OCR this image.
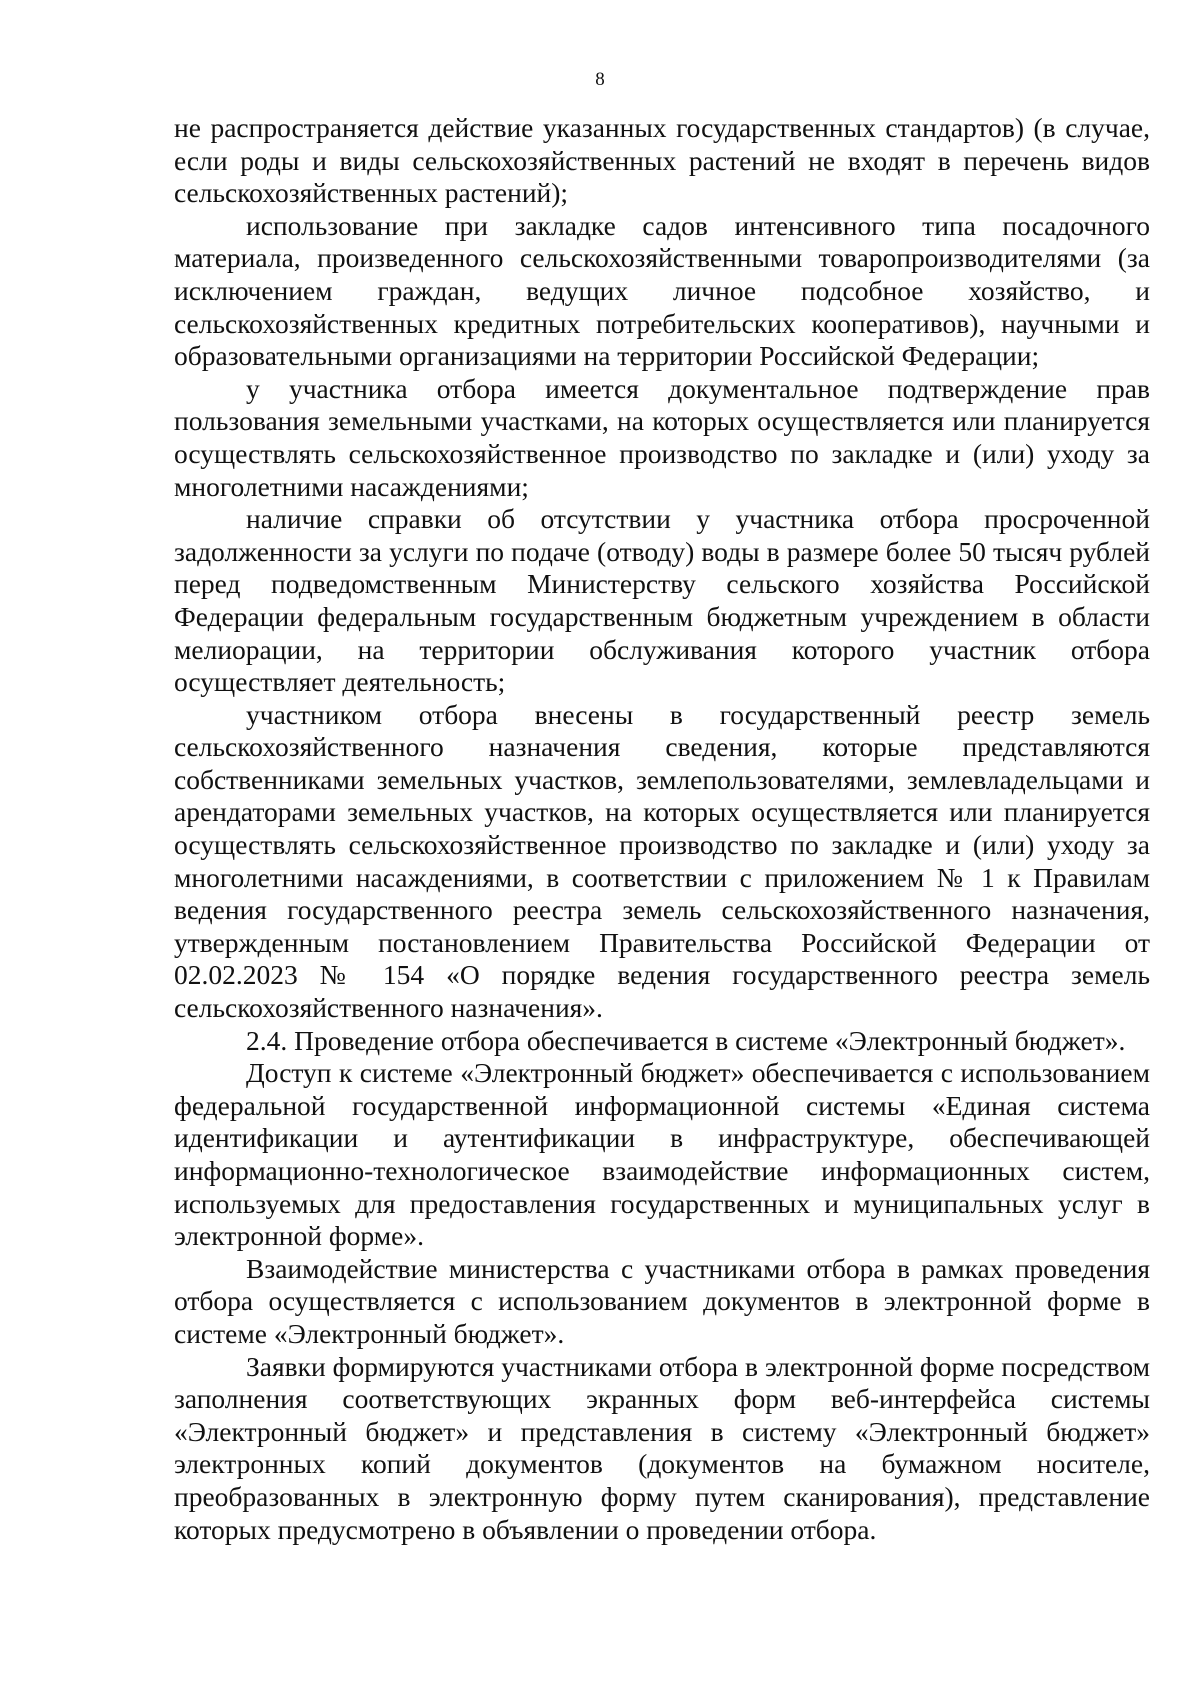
8

не распространяется действие указанных государственных стандартов) (в случае, если роды и виды сельскохозяйственных растений не входят в перечень видов сельскохозяйственных растений);

использование при закладке садов интенсивного типа посадочного материала, произведенного сельскохозяйственными товаропроизводителями (за исключением граждан, ведущих личное подсобное хозяйство, и сельскохозяйственных кредитных потребительских кооперативов), научными и образовательными организациями на территории Российской Федерации;

у участника отбора имеется документальное подтверждение прав пользования земельными участками, на которых осуществляется или планируется осуществлять сельскохозяйственное производство по закладке и (или) уходу за многолетними насаждениями;

наличие справки об отсутствии у участника отбора просроченной задолженности за услуги по подаче (отводу) воды в размере более 50 тысяч рублей перед подведомственным Министерству сельского хозяйства Российской Федерации федеральным государственным бюджетным учреждением в области мелиорации, на территории обслуживания которого участник отбора осуществляет деятельность;

участником отбора внесены в государственный реестр земель сельскохозяйственного назначения сведения, которые представляются собственниками земельных участков, землепользователями, землевладельцами и арендаторами земельных участков, на которых осуществляется или планируется осуществлять сельскохозяйственное производство по закладке и (или) уходу за многолетними насаждениями, в соответствии с приложением № 1 к Правилам ведения государственного реестра земель сельскохозяйственного назначения, утвержденным постановлением Правительства Российской Федерации от 02.02.2023 № 154 «О порядке ведения государственного реестра земель сельскохозяйственного назначения».

2.4. Проведение отбора обеспечивается в системе «Электронный бюджет».

Доступ к системе «Электронный бюджет» обеспечивается с использованием федеральной государственной информационной системы «Единая система идентификации и аутентификации в инфраструктуре, обеспечивающей информационно-технологическое взаимодействие информационных систем, используемых для предоставления государственных и муниципальных услуг в электронной форме».

Взаимодействие министерства с участниками отбора в рамках проведения отбора осуществляется с использованием документов в электронной форме в системе «Электронный бюджет».

Заявки формируются участниками отбора в электронной форме посредством заполнения соответствующих экранных форм веб-интерфейса системы «Электронный бюджет» и представления в систему «Электронный бюджет» электронных копий документов (документов на бумажном носителе, преобразованных в электронную форму путем сканирования), представление которых предусмотрено в объявлении о проведении отбора.
